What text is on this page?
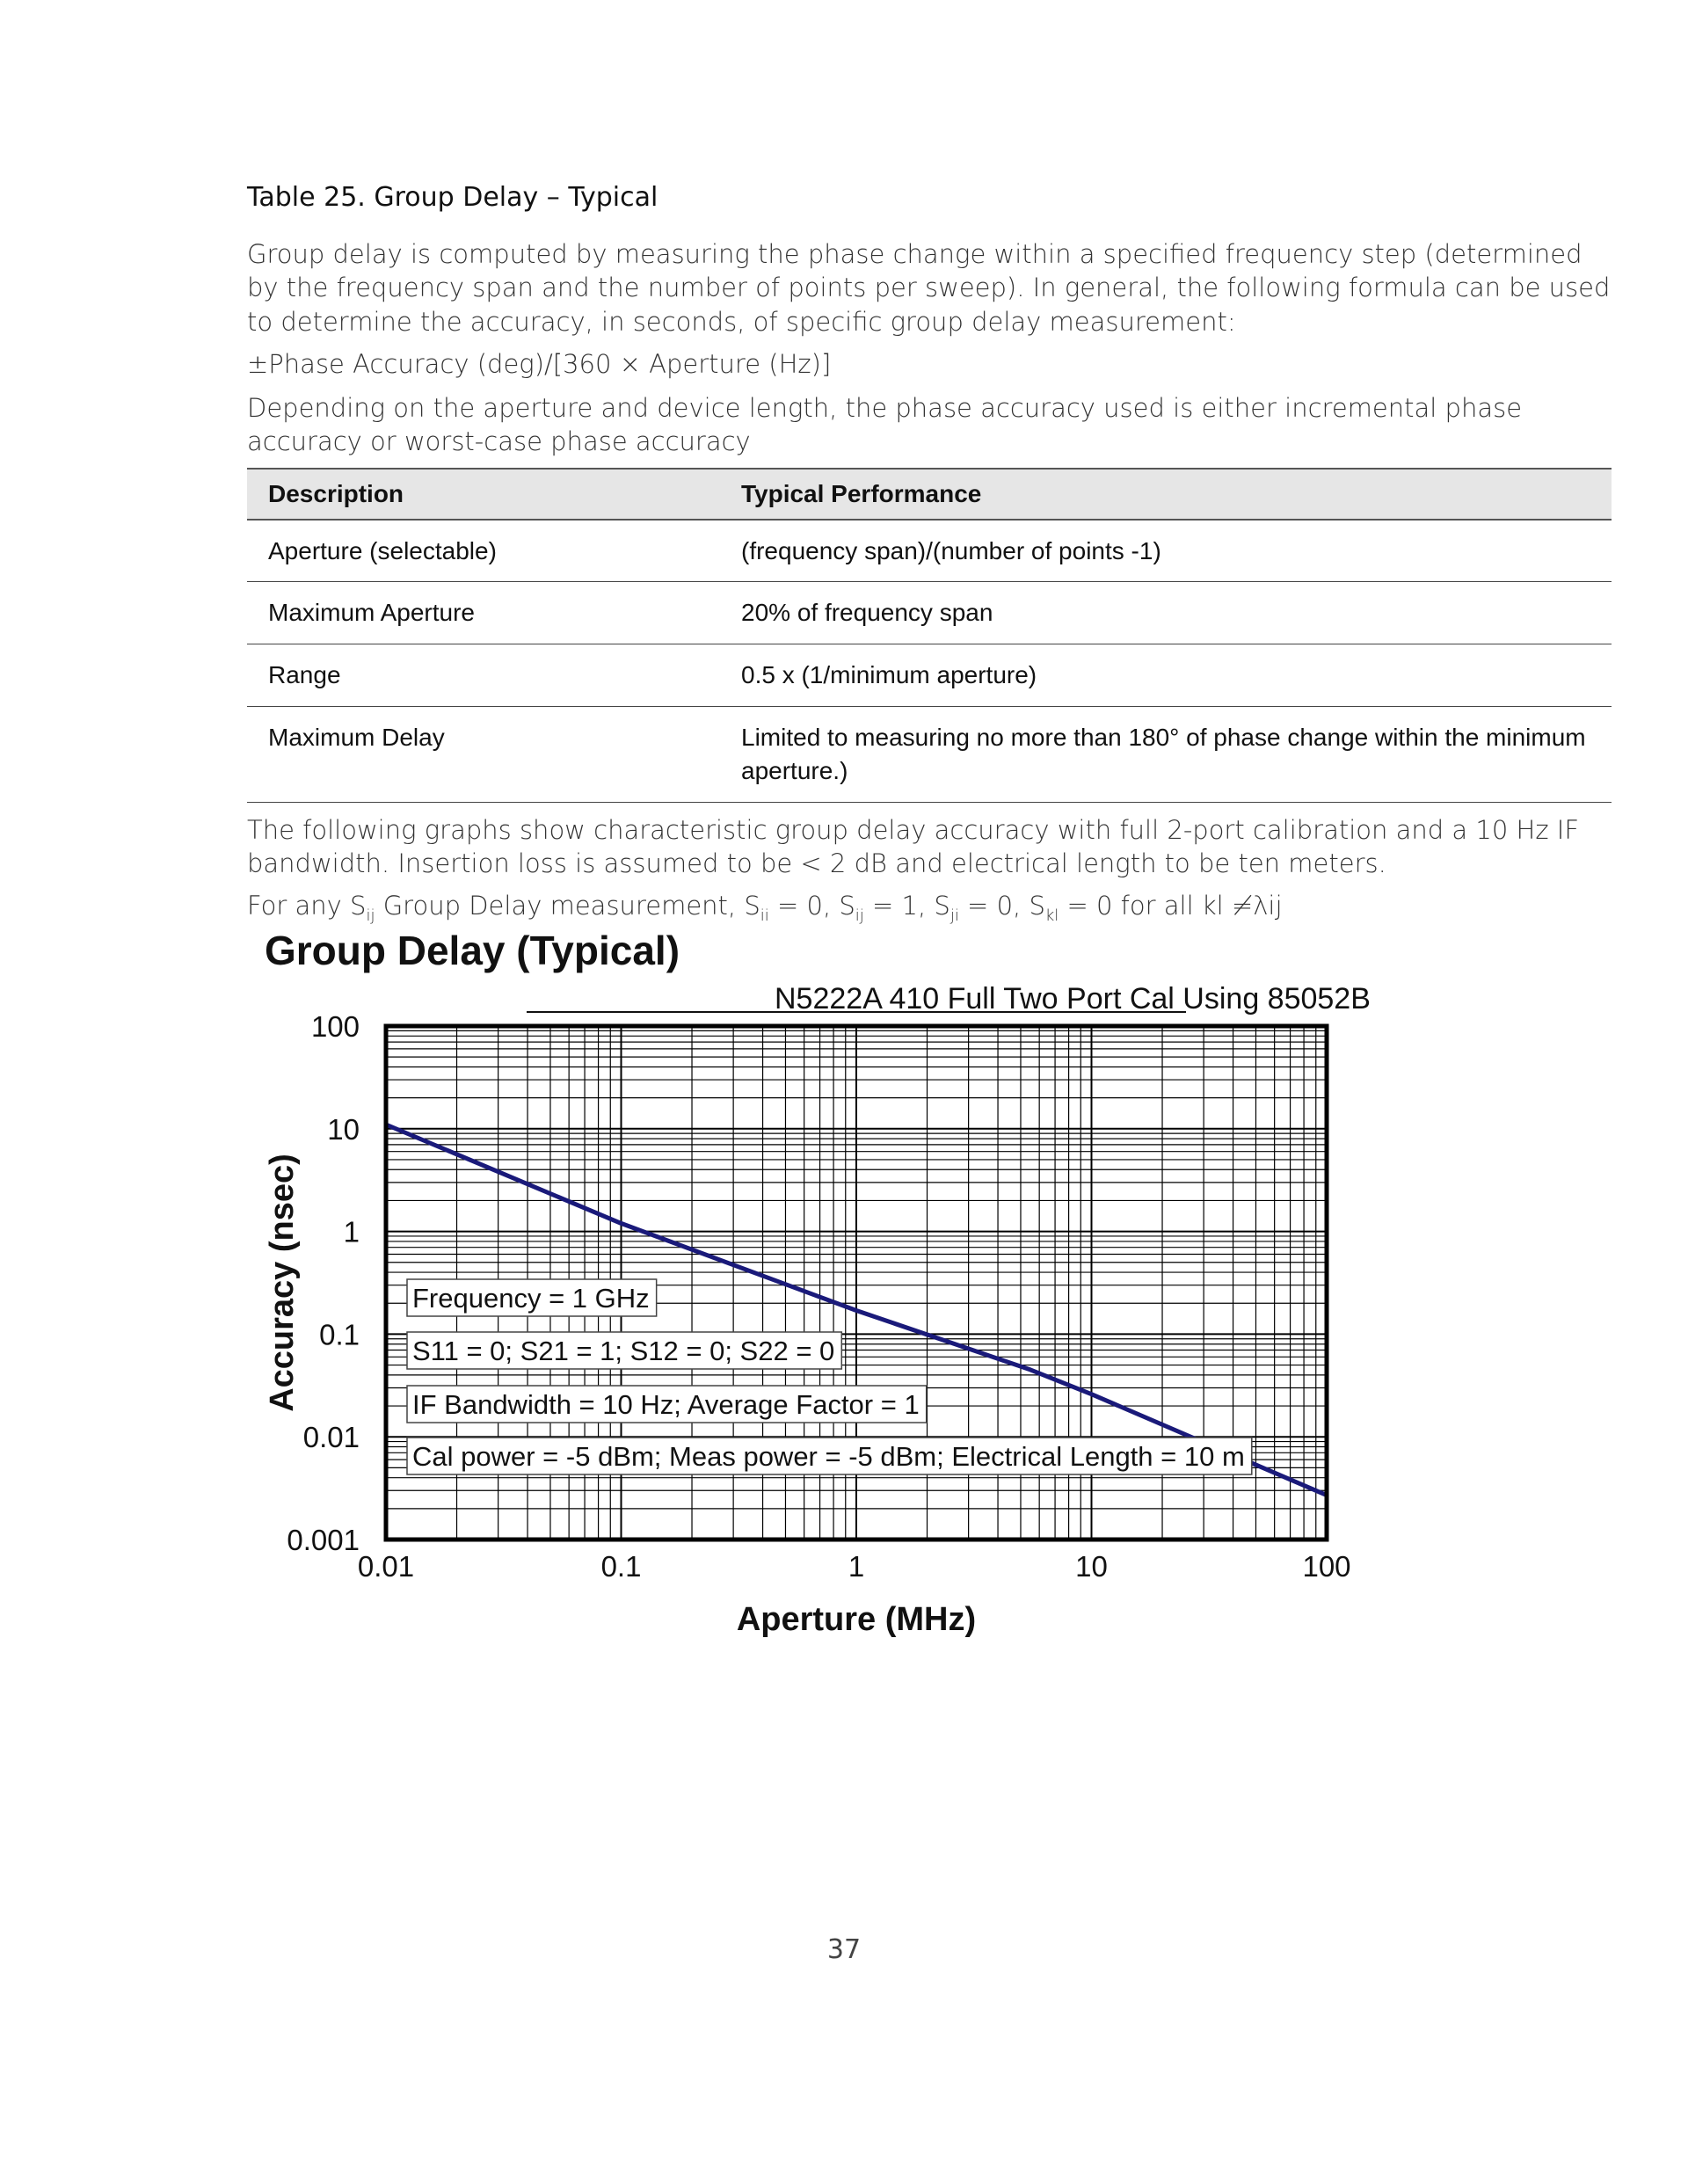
Table 25. Group Delay – Typical

Group delay is computed by measuring the phase change within a specified frequency step (determined by the frequency span and the number of points per sweep). In general, the following formula can be used to determine the accuracy, in seconds, of specific group delay measurement:

±Phase Accuracy (deg)/[360 × Aperture (Hz)]

Depending on the aperture and device length, the phase accuracy used is either incremental phase accuracy or worst-case phase accuracy

Description	Typical Performance
Aperture (selectable)	(frequency span)/(number of points -1)
Maximum Aperture	20% of frequency span
Range	0.5 x (1/minimum aperture)
Maximum Delay	Limited to measuring no more than 180° of phase change within the minimum aperture.)

The following graphs show characteristic group delay accuracy with full 2-port calibration and a 10 Hz IF bandwidth. Insertion loss is assumed to be < 2 dB and electrical length to be ten meters.

For any $S_{ij}$ Group Delay measurement, $S_{ii} = 0$, $S_{ij} = 1$, $S_{ji} = 0$, $S_{kl} = 0$ for all kl ≠λij

Group Delay (Typical)
N5222A 410 Full Two Port Cal Using 85052B
0.01	0.1	1	10	100
100
10
1
0.1
0.01
0.001
Frequency = 1 GHz
S11 = 0; S21 = 1; S12 = 0; S22 = 0
IF Bandwidth = 10 Hz; Average Factor = 1
Cal power = -5 dBm; Meas power = -5 dBm; Electrical Length = 10 m
Aperture (MHz)
Accuracy (nsec)
37
